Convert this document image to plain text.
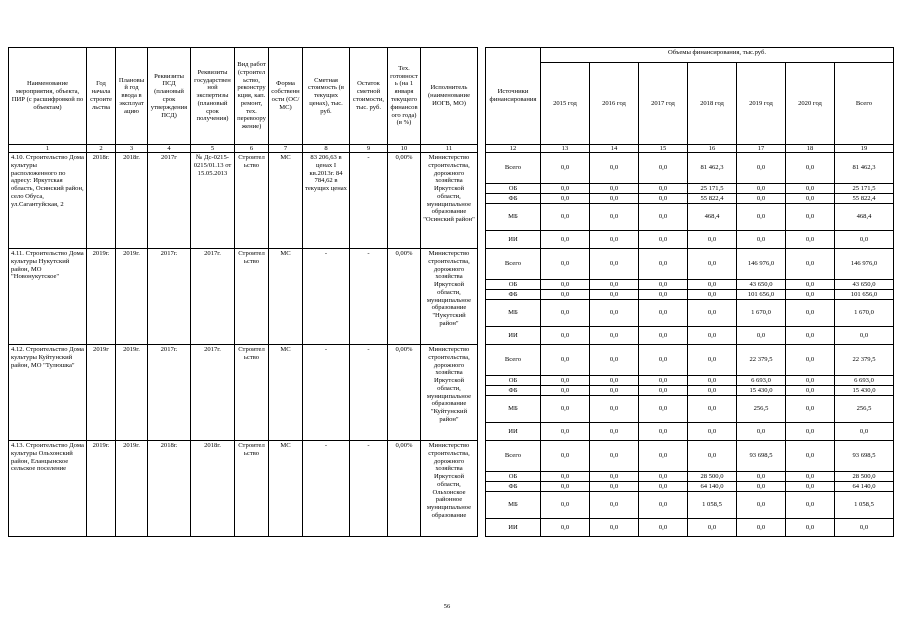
Наименование мероприятия, объекта, ПИР (с расшифровкой по объектам)	Год начала строительства	Плановый год ввода в эксплуатацию	Реквизиты ПСД (плановый срок утверждения ПСД)	Реквизиты государственной экспертизы (плановый срок получения)	Вид работ (строительство, реконструкция, кап. ремонт, тех. перевооружение)	Форма собственности (ОС/МС)	Сметная стоимость (в текущих ценах), тыс. руб.	Остаток сметной стоимости, тыс. руб.	Тех. готовность (на 1 января текущего финансового года) (в %)	Исполнитель (наименование ИОГВ, МО)		Источники финансирования	Объемы финансирования, тыс.руб.						
													2015 год	2016 год	2017 год	2018 год	2019 год	2020 год	Всего
1	2	3	4	5	6	7	8	9	10	11		12	13	14	15	16	17	18	19
4.10. Строительство Дома культуры расположенного по адресу: Иркутская область, Осинский район, село Обуса, ул.Сагантуйская, 2	2018г.	2018г.	2017г	№ Дс-0215-0215/01.13 от 15.05.2013	Строительство	МС	83 206,63 в ценах I кв.2013г. 84 784,62 в текущих ценах	-	0,00%	Министерство строительства, дорожного хозяйства Иркутской области, муниципальное образование "Осинский район"		Всего	0,0	0,0	0,0	81 462,3	0,0	0,0	81 462,3
												ОБ	0,0	0,0	0,0	25 171,5	0,0	0,0	25 171,5
												ФБ	0,0	0,0	0,0	55 822,4	0,0	0,0	55 822,4
												МБ	0,0	0,0	0,0	468,4	0,0	0,0	468,4
												ИИ	0,0	0,0	0,0	0,0	0,0	0,0	0,0
4.11. Строительство Дома культуры Нукутский район, МО "Новонукутское"	2019г.	2019г.	2017г.	2017г.	Строительство	МС	-	-	0,00%	Министерство строительства, дорожного хозяйства Иркутской области, муниципальное образование "Нукутский район"		Всего	0,0	0,0	0,0	0,0	146 976,0	0,0	146 976,0
												ОБ	0,0	0,0	0,0	0,0	43 650,0	0,0	43 650,0
												ФБ	0,0	0,0	0,0	0,0	101 656,0	0,0	101 656,0
												МБ	0,0	0,0	0,0	0,0	1 670,0	0,0	1 670,0
												ИИ	0,0	0,0	0,0	0,0	0,0	0,0	0,0
4.12. Строительство Дома культуры Куйтунский район, МО "Тулюшка"	2019г	2019г.	2017г.	2017г.	Строительство	МС	-	-	0,00%	Министерство строительства, дорожного хозяйства Иркутской области, муниципальное образование "Куйтунский район"		Всего	0,0	0,0	0,0	0,0	22 379,5	0,0	22 379,5
												ОБ	0,0	0,0	0,0	0,0	6 693,0	0,0	6 693,0
												ФБ	0,0	0,0	0,0	0,0	15 430,0	0,0	15 430,0
												МБ	0,0	0,0	0,0	0,0	256,5	0,0	256,5
												ИИ	0,0	0,0	0,0	0,0	0,0	0,0	0,0
4.13. Строительство Дома культуры Ольхонский район, Еланцынское сельское поселение	2019г.	2019г.	2018г.	2018г.	Строительство	МС	-	-	0,00%	Министерство строительства, дорожного хозяйства Иркутской области, Ольхонское районное муниципальное образование		Всего	0,0	0,0	0,0	0,0	93 698,5	0,0	93 698,5
												ОБ	0,0	0,0	0,0	28 500,0	0,0	0,0	28 500,0
												ФБ	0,0	0,0	0,0	64 140,0	0,0	0,0	64 140,0
												МБ	0,0	0,0	0,0	1 058,5	0,0	0,0	1 058,5
												ИИ	0,0	0,0	0,0	0,0	0,0	0,0	0,0
56
